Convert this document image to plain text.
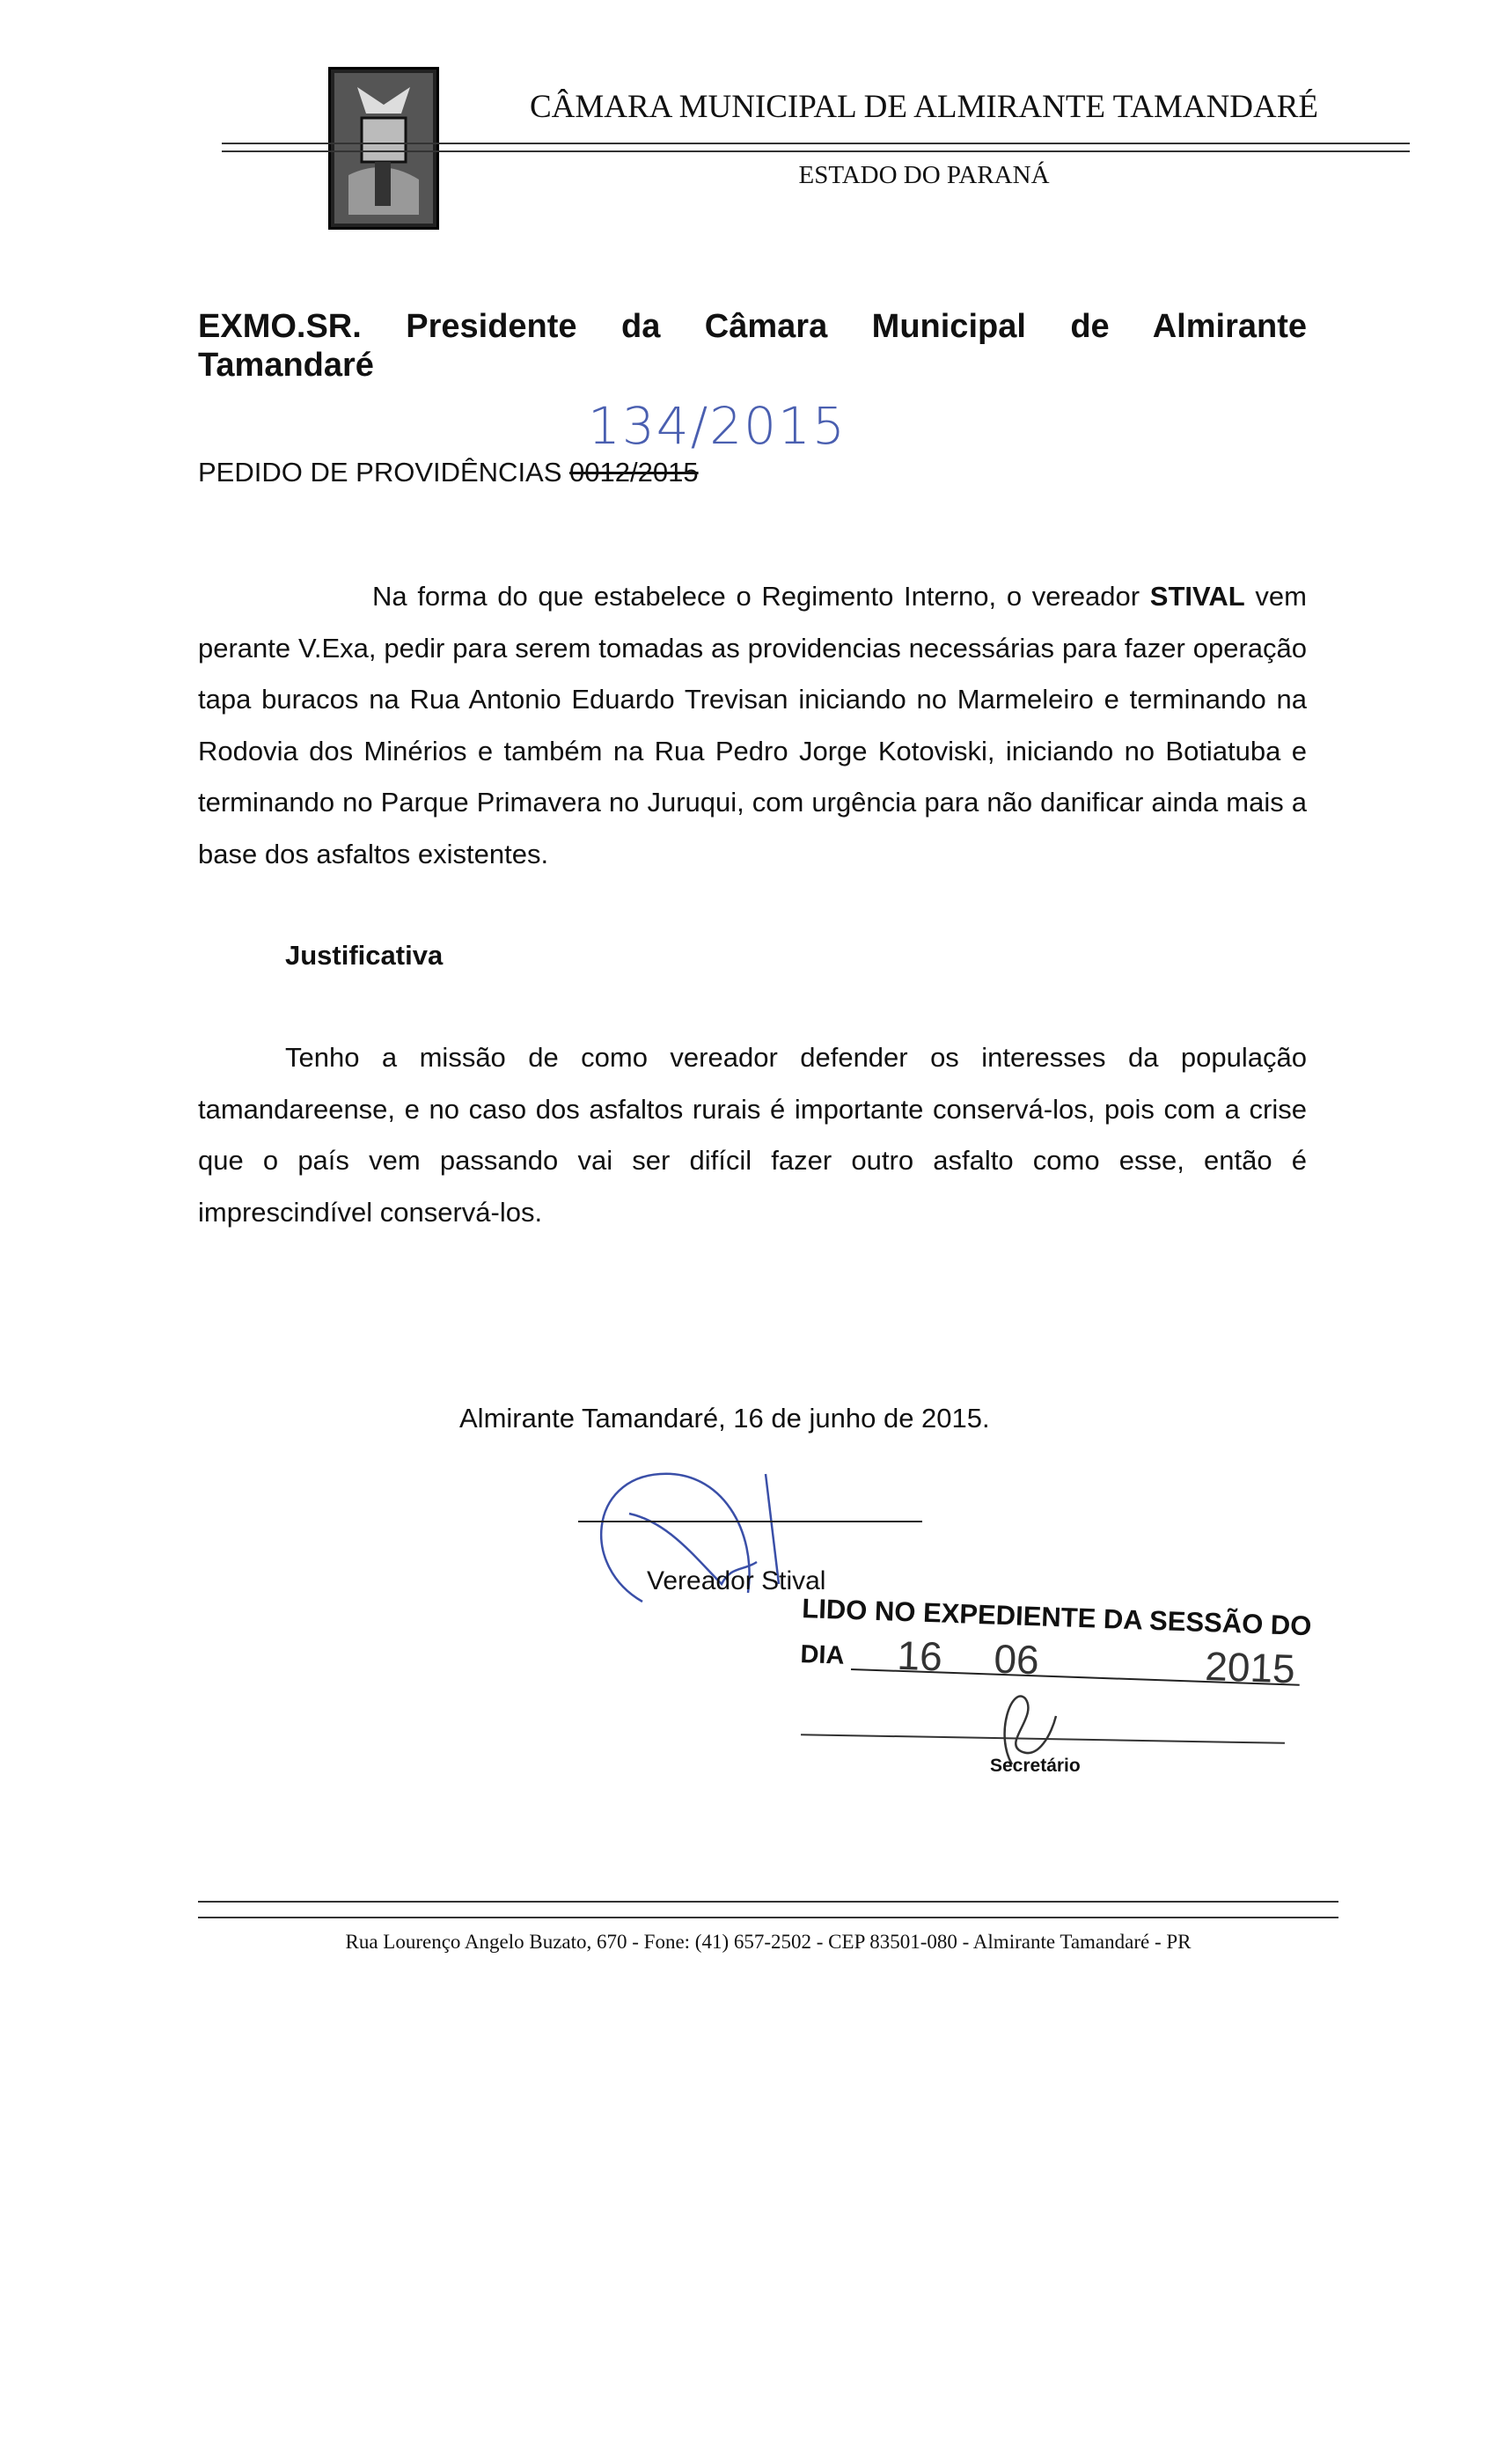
CÂMARA MUNICIPAL DE ALMIRANTE TAMANDARÉ
ESTADO DO PARANÁ
EXMO.SR. Presidente da Câmara Municipal de Almirante
Tamandaré
134/2015
PEDIDO DE PROVIDÊNCIAS 0012/2015
Na forma do que estabelece o Regimento Interno, o vereador STIVAL vem perante V.Exa, pedir para serem tomadas as providencias necessárias para fazer operação tapa buracos na Rua Antonio Eduardo Trevisan iniciando no Marmeleiro e terminando na Rodovia dos Minérios e também na Rua Pedro Jorge Kotoviski, iniciando no Botiatuba e terminando no Parque Primavera no Juruqui, com urgência para não danificar ainda mais a base dos asfaltos existentes.
Justificativa
Tenho a missão de como vereador defender os interesses da população tamandareense, e no caso dos asfaltos rurais é importante conservá-los, pois com a crise que o país vem passando vai ser difícil fazer outro asfalto como esse, então é imprescindível conservá-los.
Almirante Tamandaré, 16 de junho de 2015.
Vereador Stival
LIDO NO EXPEDIENTE DA SESSÃO DO
DIA 16 06	2015
Secretário
Rua Lourenço Angelo Buzato, 670 - Fone: (41) 657-2502 - CEP 83501-080 - Almirante Tamandaré - PR
